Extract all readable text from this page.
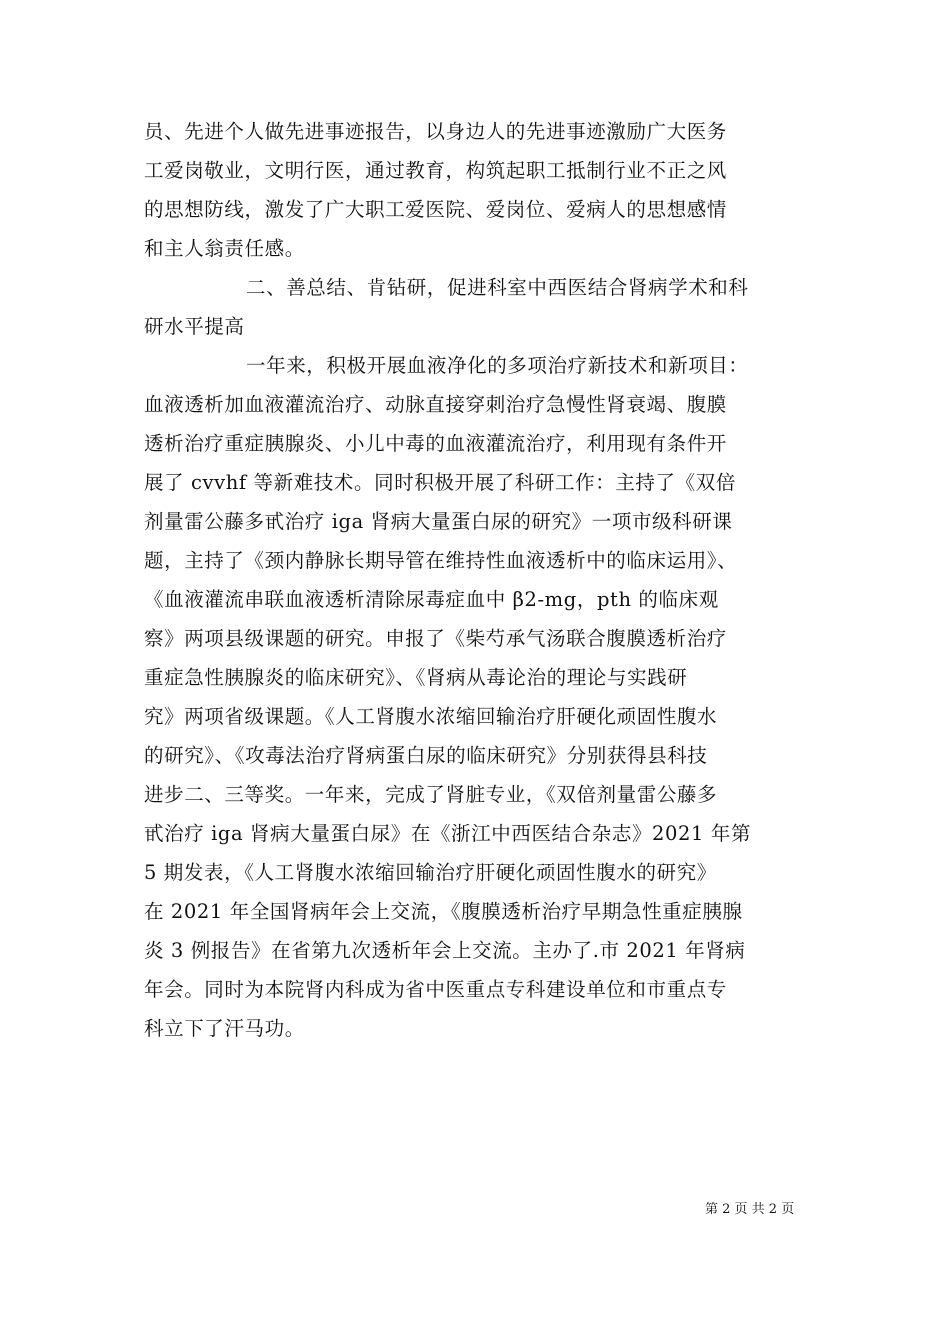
员、先进个人做先进事迹报告，以身边人的先进事迹激励广大医务
工爱岗敬业，文明行医，通过教育，构筑起职工抵制行业不正之风
的思想防线，激发了广大职工爱医院、爱岗位、爱病人的思想感情
和主人翁责任感。
二、善总结、肯钻研，促进科室中西医结合肾病学术和科
研水平提高
一年来，积极开展血液净化的多项治疗新技术和新项目：
血液透析加血液灌流治疗、动脉直接穿刺治疗急慢性肾衰竭、腹膜
透析治疗重症胰腺炎、小儿中毒的血液灌流治疗，利用现有条件开
展了 cvvhf 等新难技术。同时积极开展了科研工作：主持了《双倍
剂量雷公藤多甙治疗 iga 肾病大量蛋白尿的研究》一项市级科研课
题，主持了《颈内静脉长期导管在维持性血液透析中的临床运用》、
《血液灌流串联血液透析清除尿毒症血中 β2-mg，pth 的临床观
察》两项县级课题的研究。申报了《柴芍承气汤联合腹膜透析治疗
重症急性胰腺炎的临床研究》、《肾病从毒论治的理论与实践研
究》两项省级课题。《人工肾腹水浓缩回输治疗肝硬化顽固性腹水
的研究》、《攻毒法治疗肾病蛋白尿的临床研究》分别获得县科技
进步二、三等奖。一年来，完成了肾脏专业，《双倍剂量雷公藤多
甙治疗 iga 肾病大量蛋白尿》在《浙江中西医结合杂志》2021 年第
5 期发表，《人工肾腹水浓缩回输治疗肝硬化顽固性腹水的研究》
在 2021 年全国肾病年会上交流，《腹膜透析治疗早期急性重症胰腺
炎 3 例报告》在省第九次透析年会上交流。主办了.市 2021 年肾病
年会。同时为本院肾内科成为省中医重点专科建设单位和市重点专
科立下了汗马功。
第 2 页 共 2 页
